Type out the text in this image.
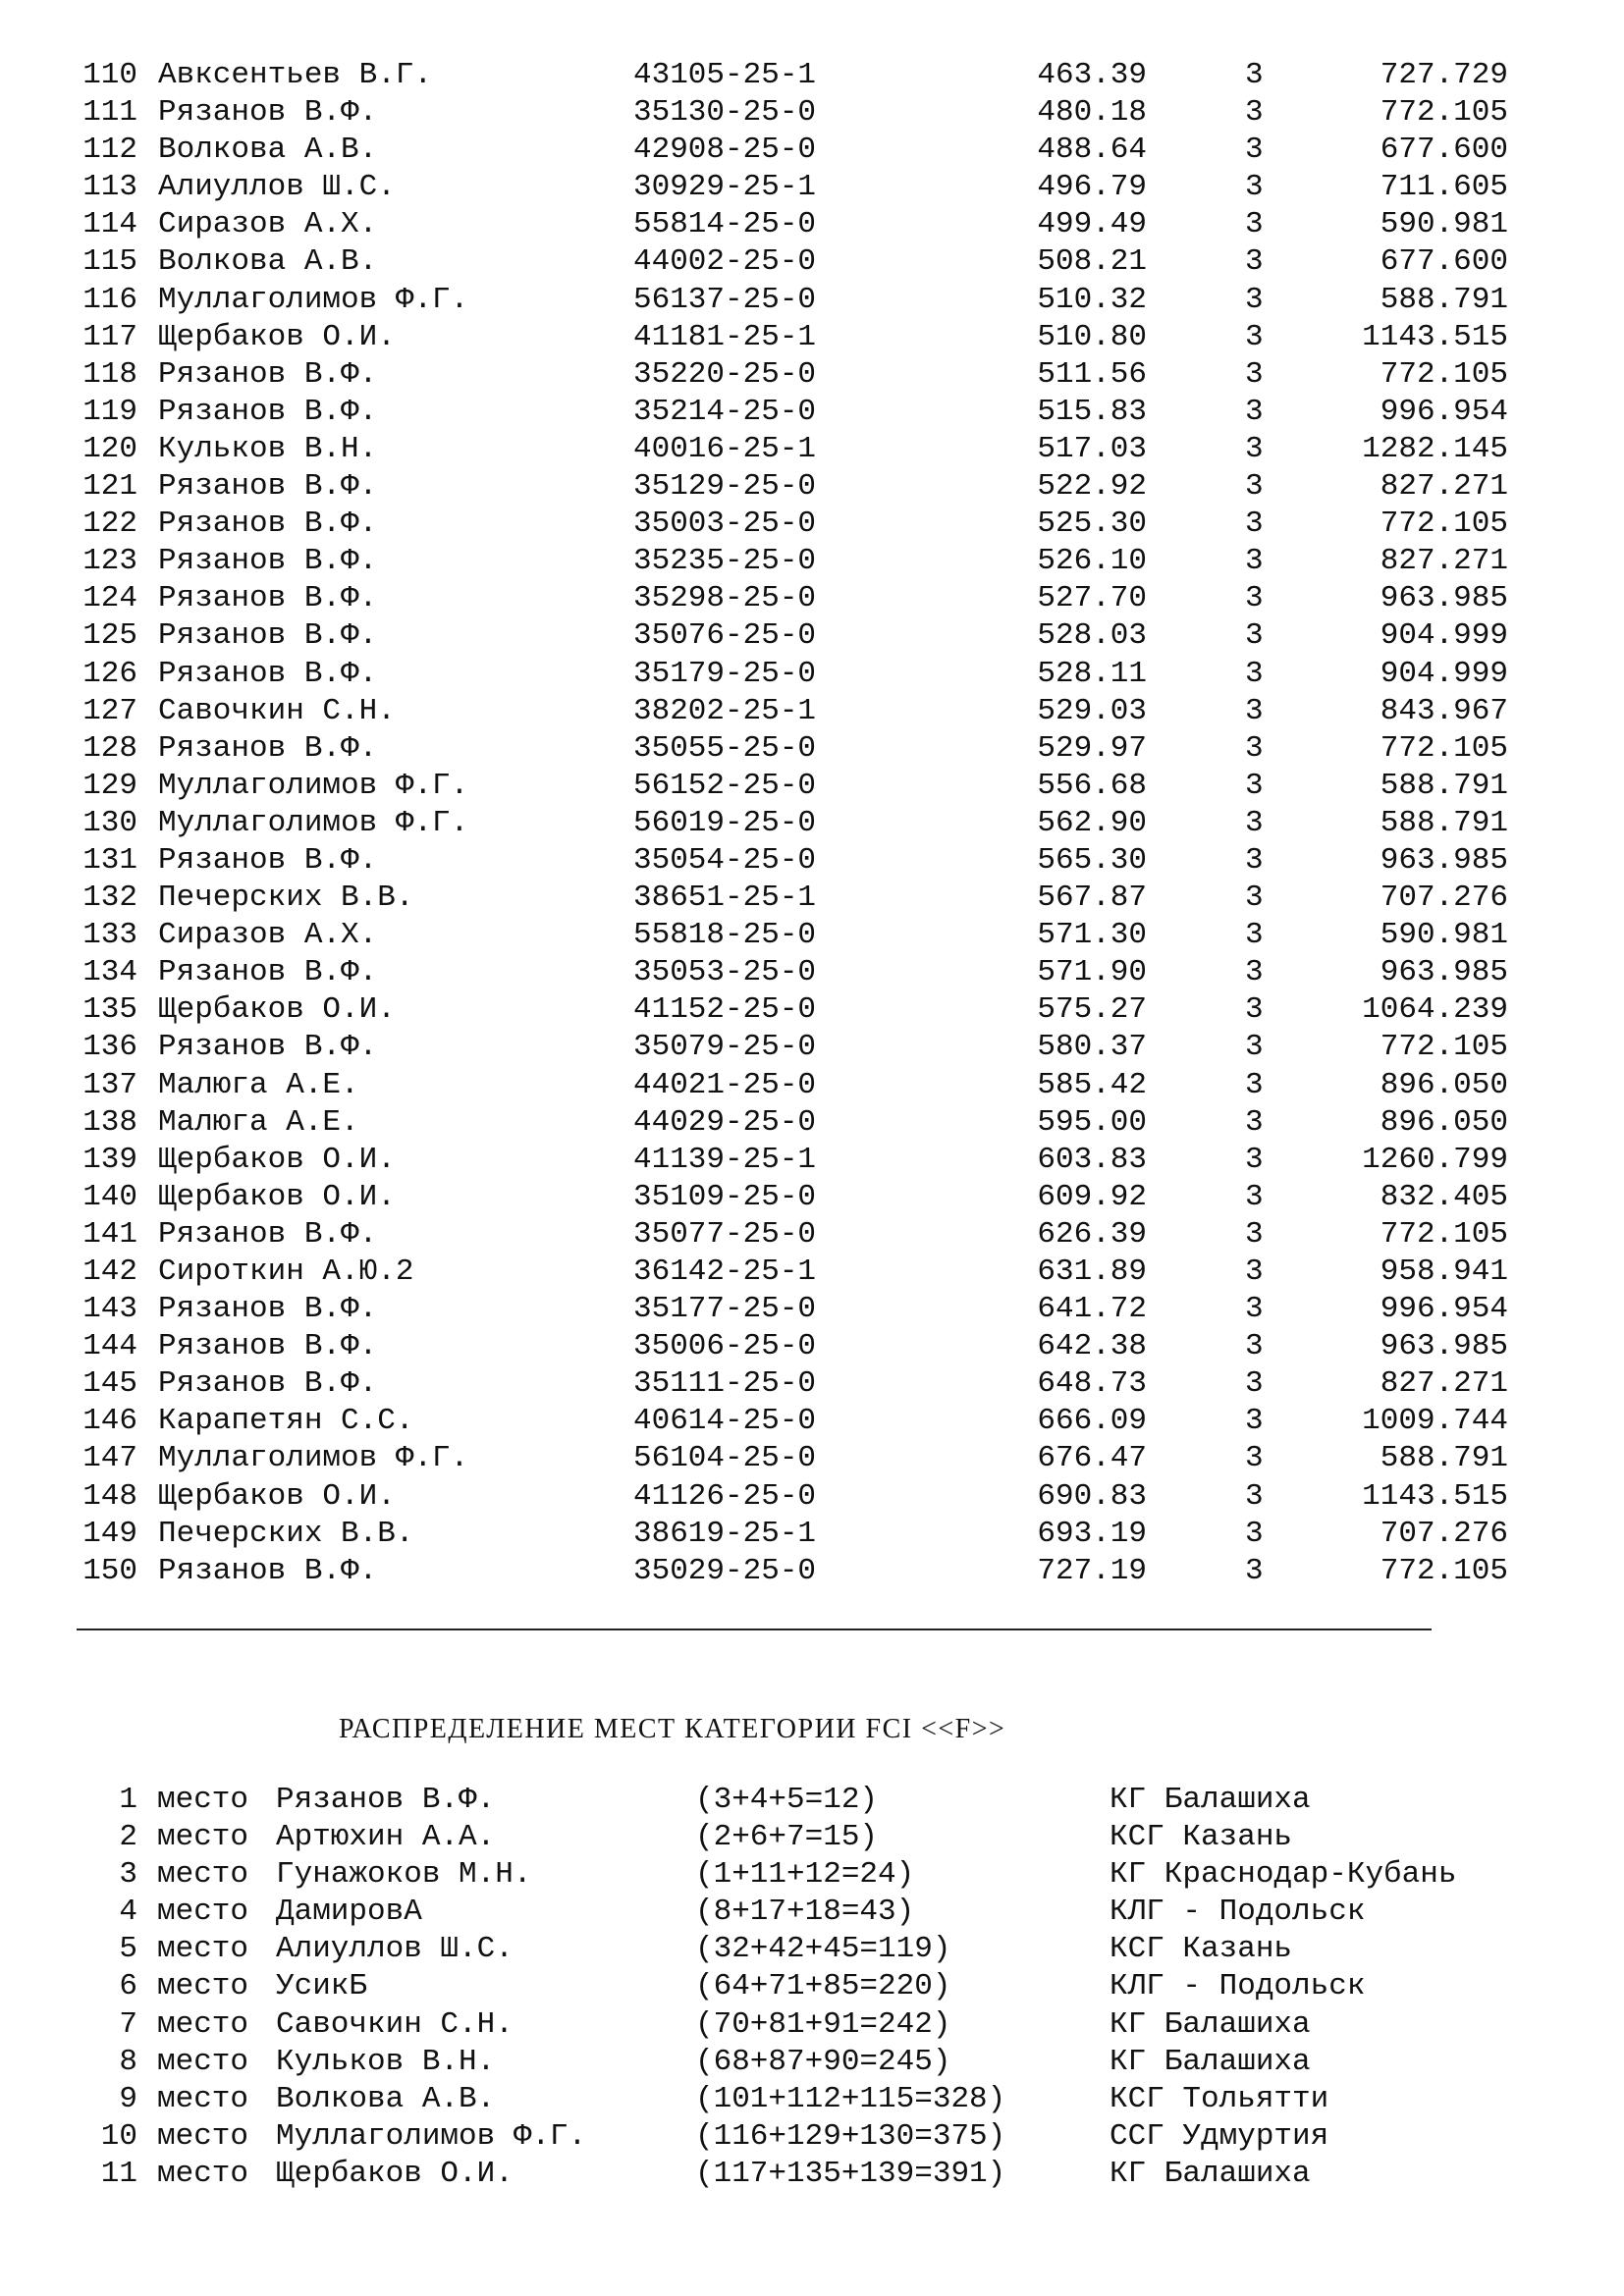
110 Авксентьев В.Г.	43105-25-1	463.39	3	727.729
111 Рязанов В.Ф.	35130-25-0	480.18	3	772.105
112 Волкова А.В.	42908-25-0	488.64	3	677.600
113 Алиуллов Ш.С.	30929-25-1	496.79	3	711.605
114 Сиразов А.Х.	55814-25-0	499.49	3	590.981
115 Волкова А.В.	44002-25-0	508.21	3	677.600
116 Муллаголимов Ф.Г.	56137-25-0	510.32	3	588.791
117 Щербаков О.И.	41181-25-1	510.80	3	1143.515
118 Рязанов В.Ф.	35220-25-0	511.56	3	772.105
119 Рязанов В.Ф.	35214-25-0	515.83	3	996.954
120 Кульков В.Н.	40016-25-1	517.03	3	1282.145
121 Рязанов В.Ф.	35129-25-0	522.92	3	827.271
122 Рязанов В.Ф.	35003-25-0	525.30	3	772.105
123 Рязанов В.Ф.	35235-25-0	526.10	3	827.271
124 Рязанов В.Ф.	35298-25-0	527.70	3	963.985
125 Рязанов В.Ф.	35076-25-0	528.03	3	904.999
126 Рязанов В.Ф.	35179-25-0	528.11	3	904.999
127 Савочкин С.Н.	38202-25-1	529.03	3	843.967
128 Рязанов В.Ф.	35055-25-0	529.97	3	772.105
129 Муллаголимов Ф.Г.	56152-25-0	556.68	3	588.791
130 Муллаголимов Ф.Г.	56019-25-0	562.90	3	588.791
131 Рязанов В.Ф.	35054-25-0	565.30	3	963.985
132 Печерских В.В.	38651-25-1	567.87	3	707.276
133 Сиразов А.Х.	55818-25-0	571.30	3	590.981
134 Рязанов В.Ф.	35053-25-0	571.90	3	963.985
135 Щербаков О.И.	41152-25-0	575.27	3	1064.239
136 Рязанов В.Ф.	35079-25-0	580.37	3	772.105
137 Малюга А.Е.	44021-25-0	585.42	3	896.050
138 Малюга А.Е.	44029-25-0	595.00	3	896.050
139 Щербаков О.И.	41139-25-1	603.83	3	1260.799
140 Щербаков О.И.	35109-25-0	609.92	3	832.405
141 Рязанов В.Ф.	35077-25-0	626.39	3	772.105
142 Сироткин А.Ю.2	36142-25-1	631.89	3	958.941
143 Рязанов В.Ф.	35177-25-0	641.72	3	996.954
144 Рязанов В.Ф.	35006-25-0	642.38	3	963.985
145 Рязанов В.Ф.	35111-25-0	648.73	3	827.271
146 Карапетян С.С.	40614-25-0	666.09	3	1009.744
147 Муллаголимов Ф.Г.	56104-25-0	676.47	3	588.791
148 Щербаков О.И.	41126-25-0	690.83	3	1143.515
149 Печерских В.В.	38619-25-1	693.19	3	707.276
150 Рязанов В.Ф.	35029-25-0	727.19	3	772.105
РАСПРЕДЕЛЕНИЕ МЕСТ КАТЕГОРИИ FCI <<F>>
1 место Рязанов В.Ф.	(3+4+5=12)	КГ Балашиха
2 место Артюхин А.А.	(2+6+7=15)	КСГ Казань
3 место Гунажоков М.Н.	(1+11+12=24)	КГ Краснодар-Кубань
4 место ДамировА	(8+17+18=43)	КЛГ - Подольск
5 место Алиуллов Ш.С.	(32+42+45=119)	КСГ Казань
6 место УсикБ	(64+71+85=220)	КЛГ - Подольск
7 место Савочкин С.Н.	(70+81+91=242)	КГ Балашиха
8 место Кульков В.Н.	(68+87+90=245)	КГ Балашиха
9 место Волкова А.В.	(101+112+115=328)	КСГ Тольятти
10 место Муллаголимов Ф.Г.	(116+129+130=375)	ССГ Удмуртия
11 место Щербаков О.И.	(117+135+139=391)	КГ Балашиха
